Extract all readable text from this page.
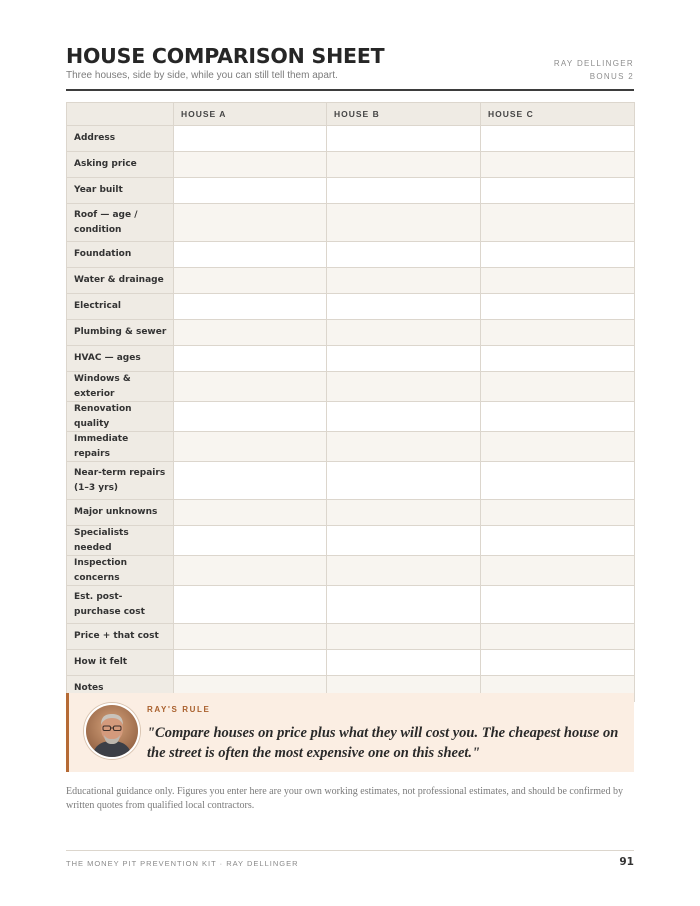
HOUSE COMPARISON SHEET
Three houses, side by side, while you can still tell them apart.
RAY DELLINGER
BONUS 2
	HOUSE A	HOUSE B	HOUSE C
Address			
Asking price			
Year built			
Roof — age / condition			
Foundation			
Water & drainage			
Electrical			
Plumbing & sewer			
HVAC — ages			
Windows & exterior			
Renovation quality			
Immediate repairs			
Near-term repairs (1–3 yrs)			
Major unknowns			
Specialists needed			
Inspection concerns			
Est. post-purchase cost			
Price + that cost			
How it felt			
Notes			
RAY'S RULE
"Compare houses on price plus what they will cost you. The cheapest house on the street is often the most expensive one on this sheet."
Educational guidance only. Figures you enter here are your own working estimates, not professional estimates, and should be confirmed by written quotes from qualified local contractors.
THE MONEY PIT PREVENTION KIT · RAY DELLINGER	91
